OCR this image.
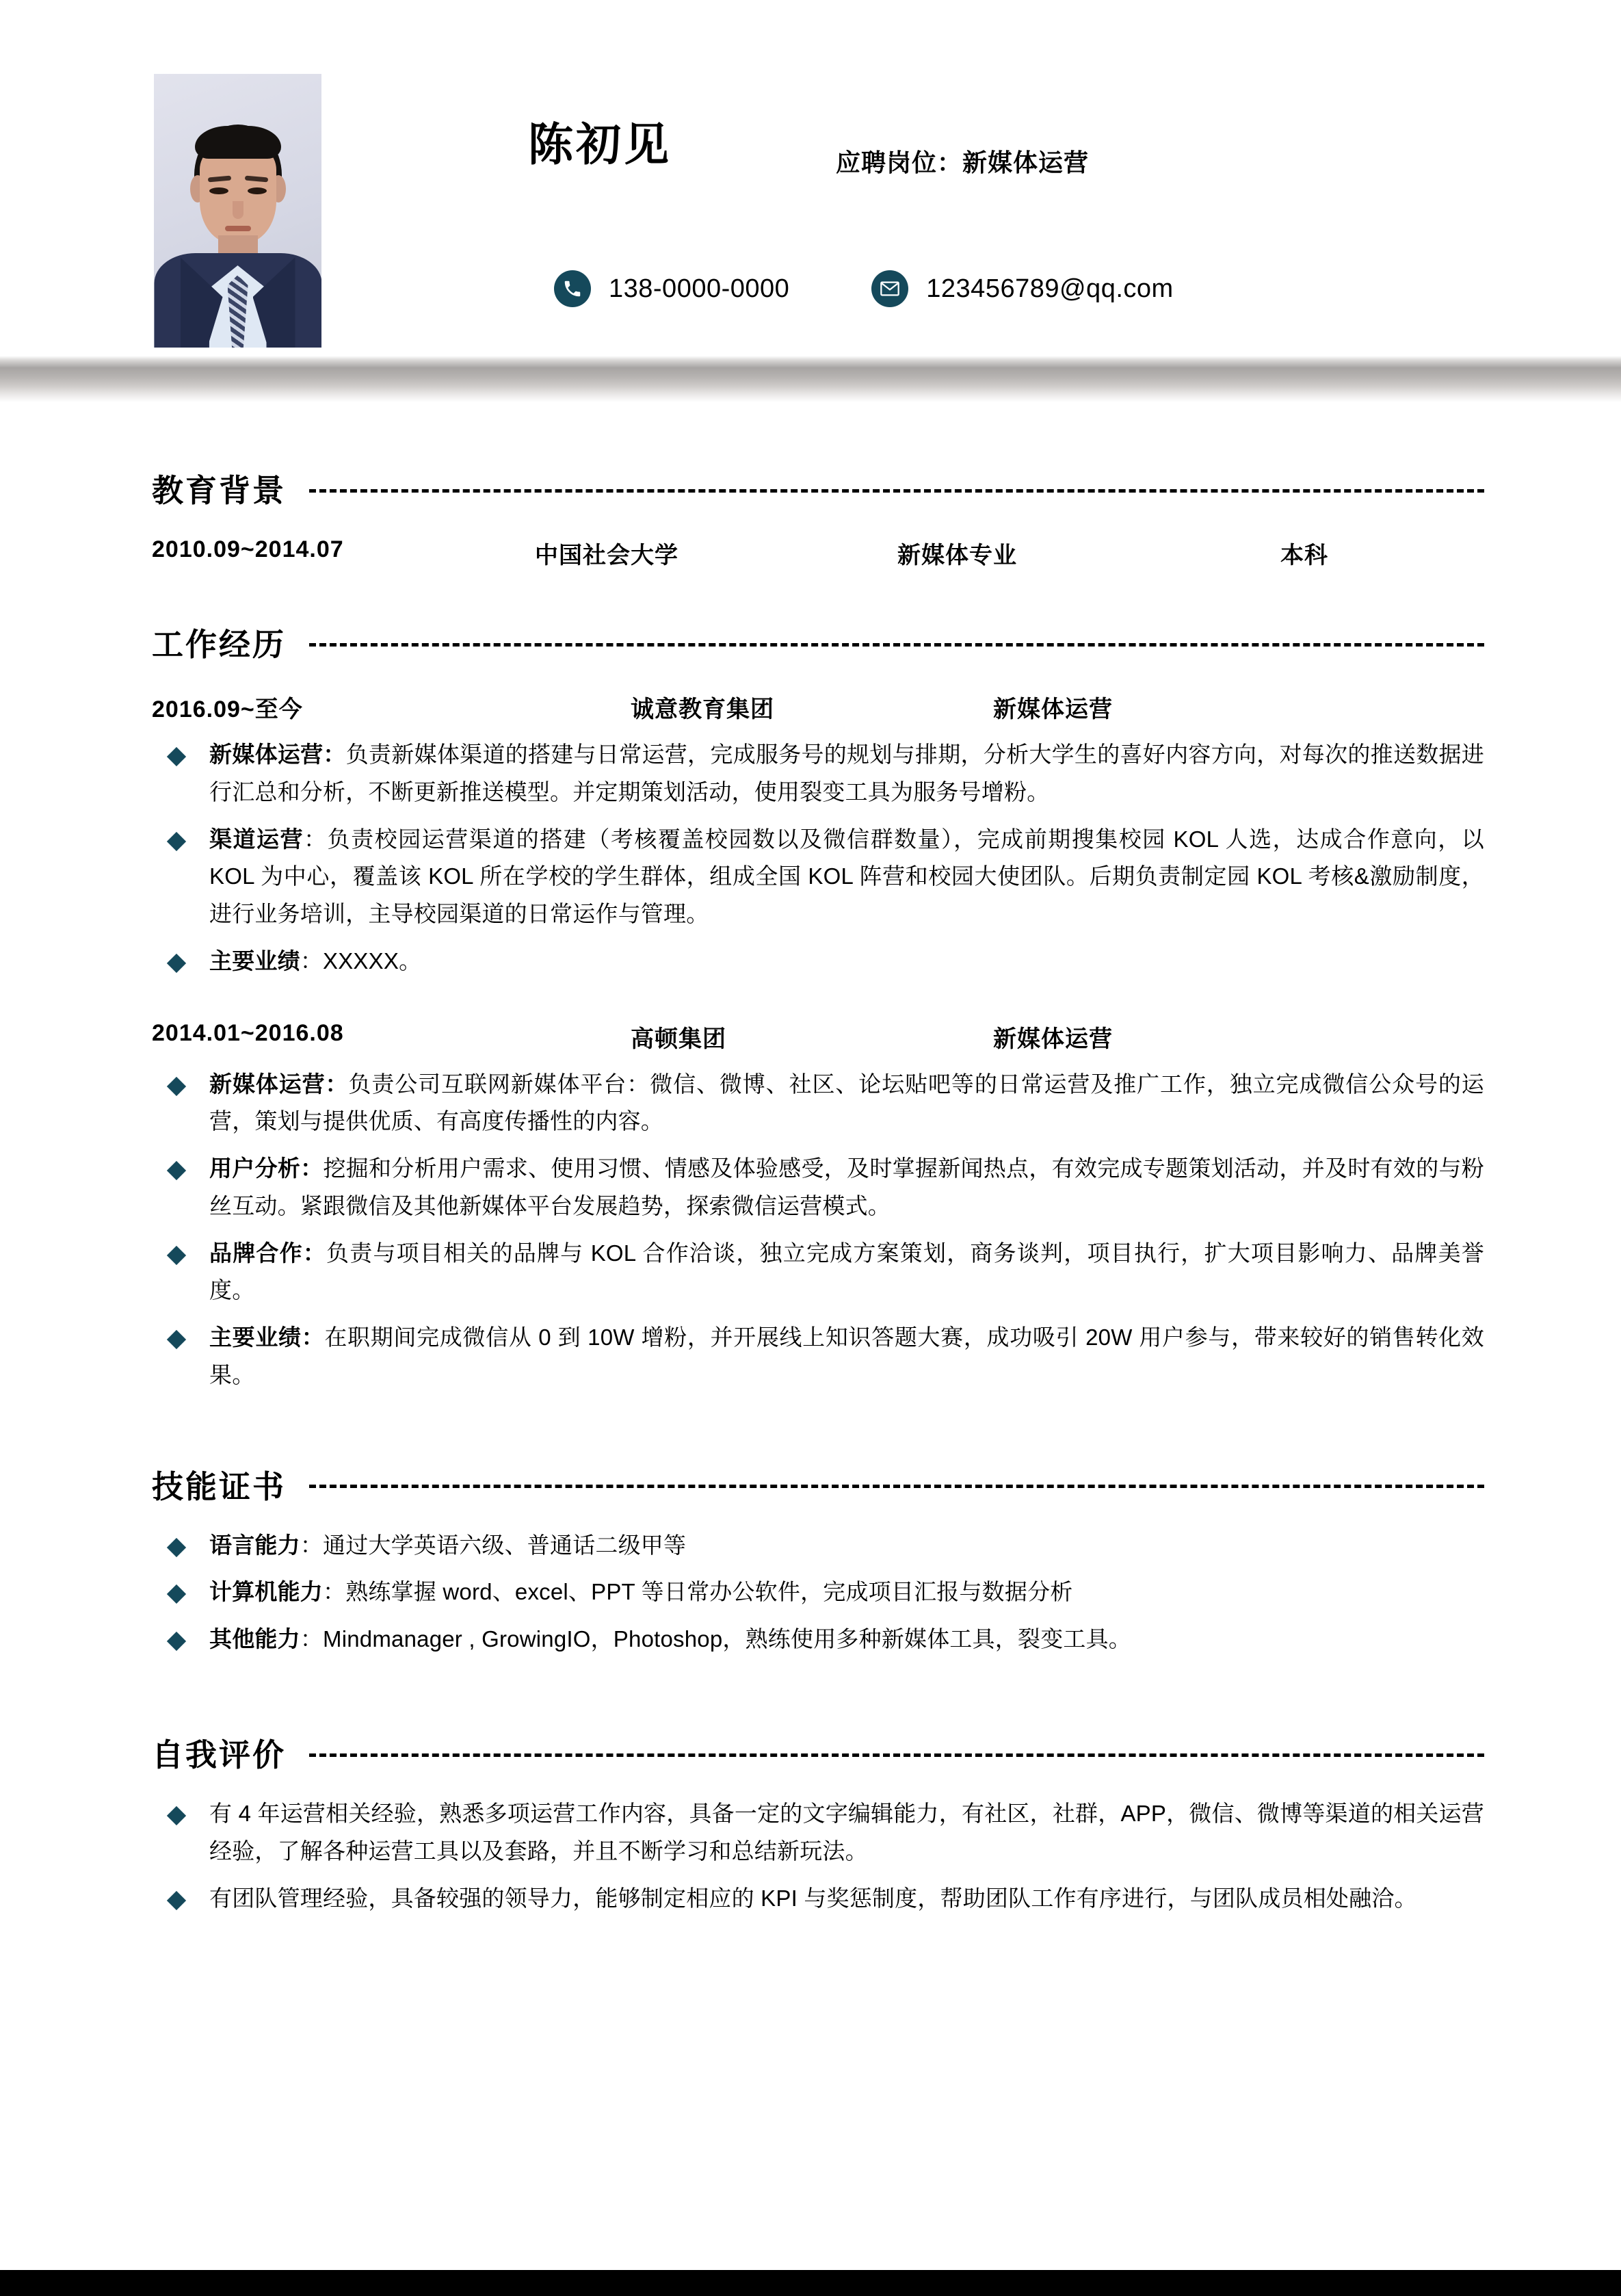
陈初见	应聘岗位：新媒体运营
138-0000-0000	123456789@qq.com
教育背景
2010.09~2014.07	中国社会大学	新媒体专业	本科
工作经历
2016.09~至今	诚意教育集团	新媒体运营
新媒体运营：负责新媒体渠道的搭建与日常运营，完成服务号的规划与排期，分析大学生的喜好内容方向，对每次的推送数据进行汇总和分析，不断更新推送模型。并定期策划活动，使用裂变工具为服务号增粉。
渠道运营：负责校园运营渠道的搭建（考核覆盖校园数以及微信群数量），完成前期搜集校园 KOL 人选，达成合作意向，以 KOL 为中心，覆盖该 KOL 所在学校的学生群体，组成全国 KOL 阵营和校园大使团队。后期负责制定园 KOL 考核&激励制度，进行业务培训，主导校园渠道的日常运作与管理。
主要业绩：XXXXX。
2014.01~2016.08	高顿集团	新媒体运营
新媒体运营：负责公司互联网新媒体平台：微信、微博、社区、论坛贴吧等的日常运营及推广工作，独立完成微信公众号的运营，策划与提供优质、有高度传播性的内容。
用户分析：挖掘和分析用户需求、使用习惯、情感及体验感受，及时掌握新闻热点，有效完成专题策划活动，并及时有效的与粉丝互动。紧跟微信及其他新媒体平台发展趋势，探索微信运营模式。
品牌合作：负责与项目相关的品牌与 KOL 合作洽谈，独立完成方案策划，商务谈判，项目执行，扩大项目影响力、品牌美誉度。
主要业绩：在职期间完成微信从 0 到 10W 增粉，并开展线上知识答题大赛，成功吸引 20W 用户参与，带来较好的销售转化效果。
技能证书
语言能力：通过大学英语六级、普通话二级甲等
计算机能力：熟练掌握 word、excel、PPT 等日常办公软件，完成项目汇报与数据分析
其他能力：Mindmanager , GrowingIO，Photoshop，熟练使用多种新媒体工具，裂变工具。
自我评价
有 4 年运营相关经验，熟悉多项运营工作内容，具备一定的文字编辑能力，有社区，社群，APP，微信、微博等渠道的相关运营经验，了解各种运营工具以及套路，并且不断学习和总结新玩法。
有团队管理经验，具备较强的领导力，能够制定相应的 KPI 与奖惩制度，帮助团队工作有序进行，与团队成员相处融洽。
